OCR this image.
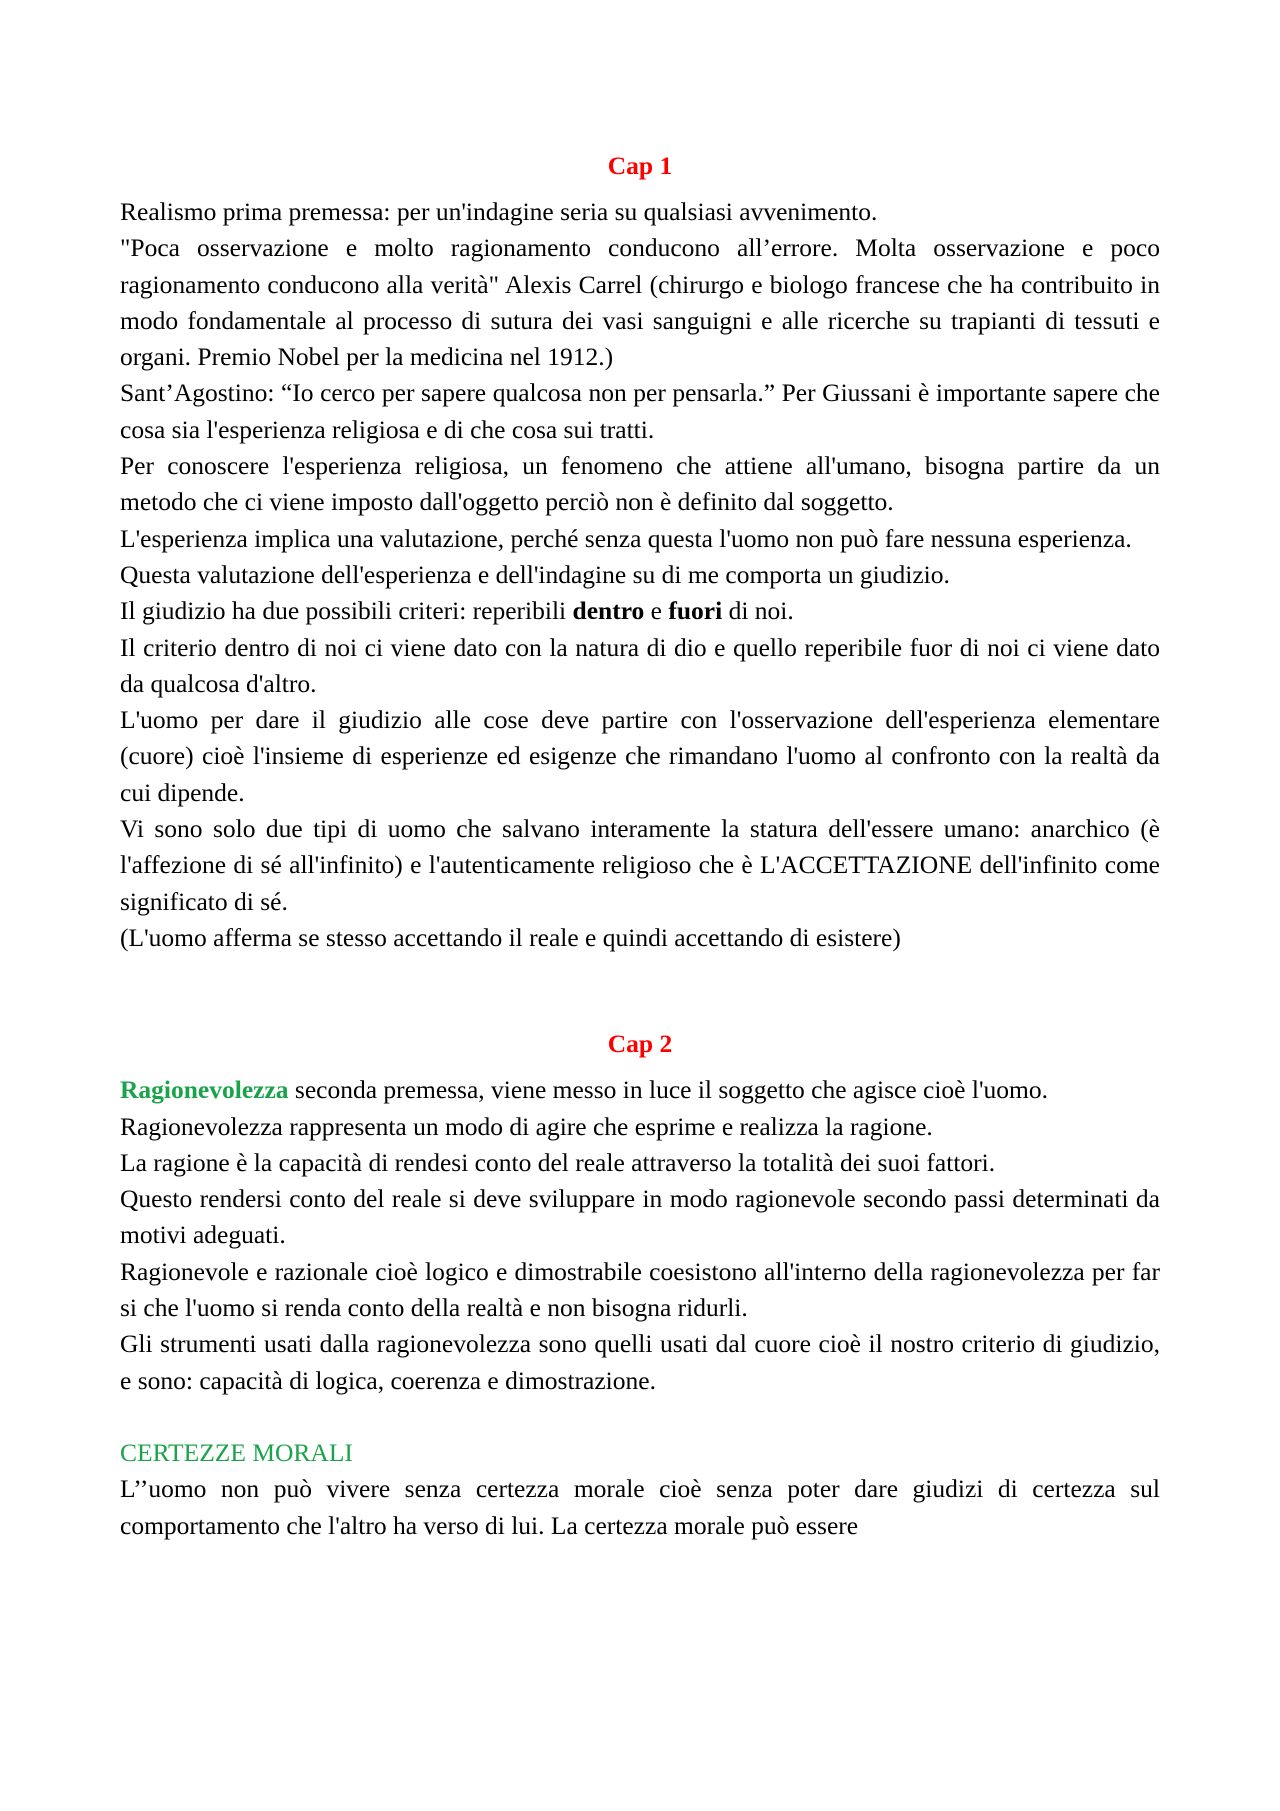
Cap 1

Realismo prima premessa: per un'indagine seria su qualsiasi avvenimento.

"Poca osservazione e molto ragionamento conducono all’errore. Molta osservazione e poco ragionamento conducono alla verità" Alexis Carrel (chirurgo e biologo francese che ha contribuito in modo fondamentale al processo di sutura dei vasi sanguigni e alle ricerche su trapianti di tessuti e organi. Premio Nobel per la medicina nel 1912.)

Sant’Agostino: “Io cerco per sapere qualcosa non per pensarla.” Per Giussani è importante sapere che cosa sia l'esperienza religiosa e di che cosa sui tratti.

Per conoscere l'esperienza religiosa, un fenomeno che attiene all'umano, bisogna partire da un metodo che ci viene imposto dall'oggetto perciò non è definito dal soggetto.

L'esperienza implica una valutazione, perché senza questa l'uomo non può fare nessuna esperienza.

Questa valutazione dell'esperienza e dell'indagine su di me comporta un giudizio.

Il giudizio ha due possibili criteri: reperibili dentro e fuori di noi.

Il criterio dentro di noi ci viene dato con la natura di dio e quello reperibile fuor di noi ci viene dato da qualcosa d'altro.

L'uomo per dare il giudizio alle cose deve partire con l'osservazione dell'esperienza elementare (cuore) cioè l'insieme di esperienze ed esigenze che rimandano l'uomo al confronto con la realtà da cui dipende.

Vi sono solo due tipi di uomo che salvano interamente la statura dell'essere umano: anarchico (è l'affezione di sé all'infinito) e l'autenticamente religioso che è L'ACCETTAZIONE dell'infinito come significato di sé.

(L'uomo afferma se stesso accettando il reale e quindi accettando di esistere)

Cap 2

Ragionevolezza seconda premessa, viene messo in luce il soggetto che agisce cioè l'uomo.

Ragionevolezza rappresenta un modo di agire che esprime e realizza la ragione.

La ragione è la capacità di rendesi conto del reale attraverso la totalità dei suoi fattori.

Questo rendersi conto del reale si deve sviluppare in modo ragionevole secondo passi determinati da motivi adeguati.

Ragionevole e razionale cioè logico e dimostrabile coesistono all'interno della ragionevolezza per far si che l'uomo si renda conto della realtà e non bisogna ridurli.

Gli strumenti usati dalla ragionevolezza sono quelli usati dal cuore cioè il nostro criterio di giudizio, e sono: capacità di logica, coerenza e dimostrazione.

CERTEZZE MORALI

L’’uomo non può vivere senza certezza morale cioè senza poter dare giudizi di certezza sul comportamento che l'altro ha verso di lui. La certezza morale può essere
